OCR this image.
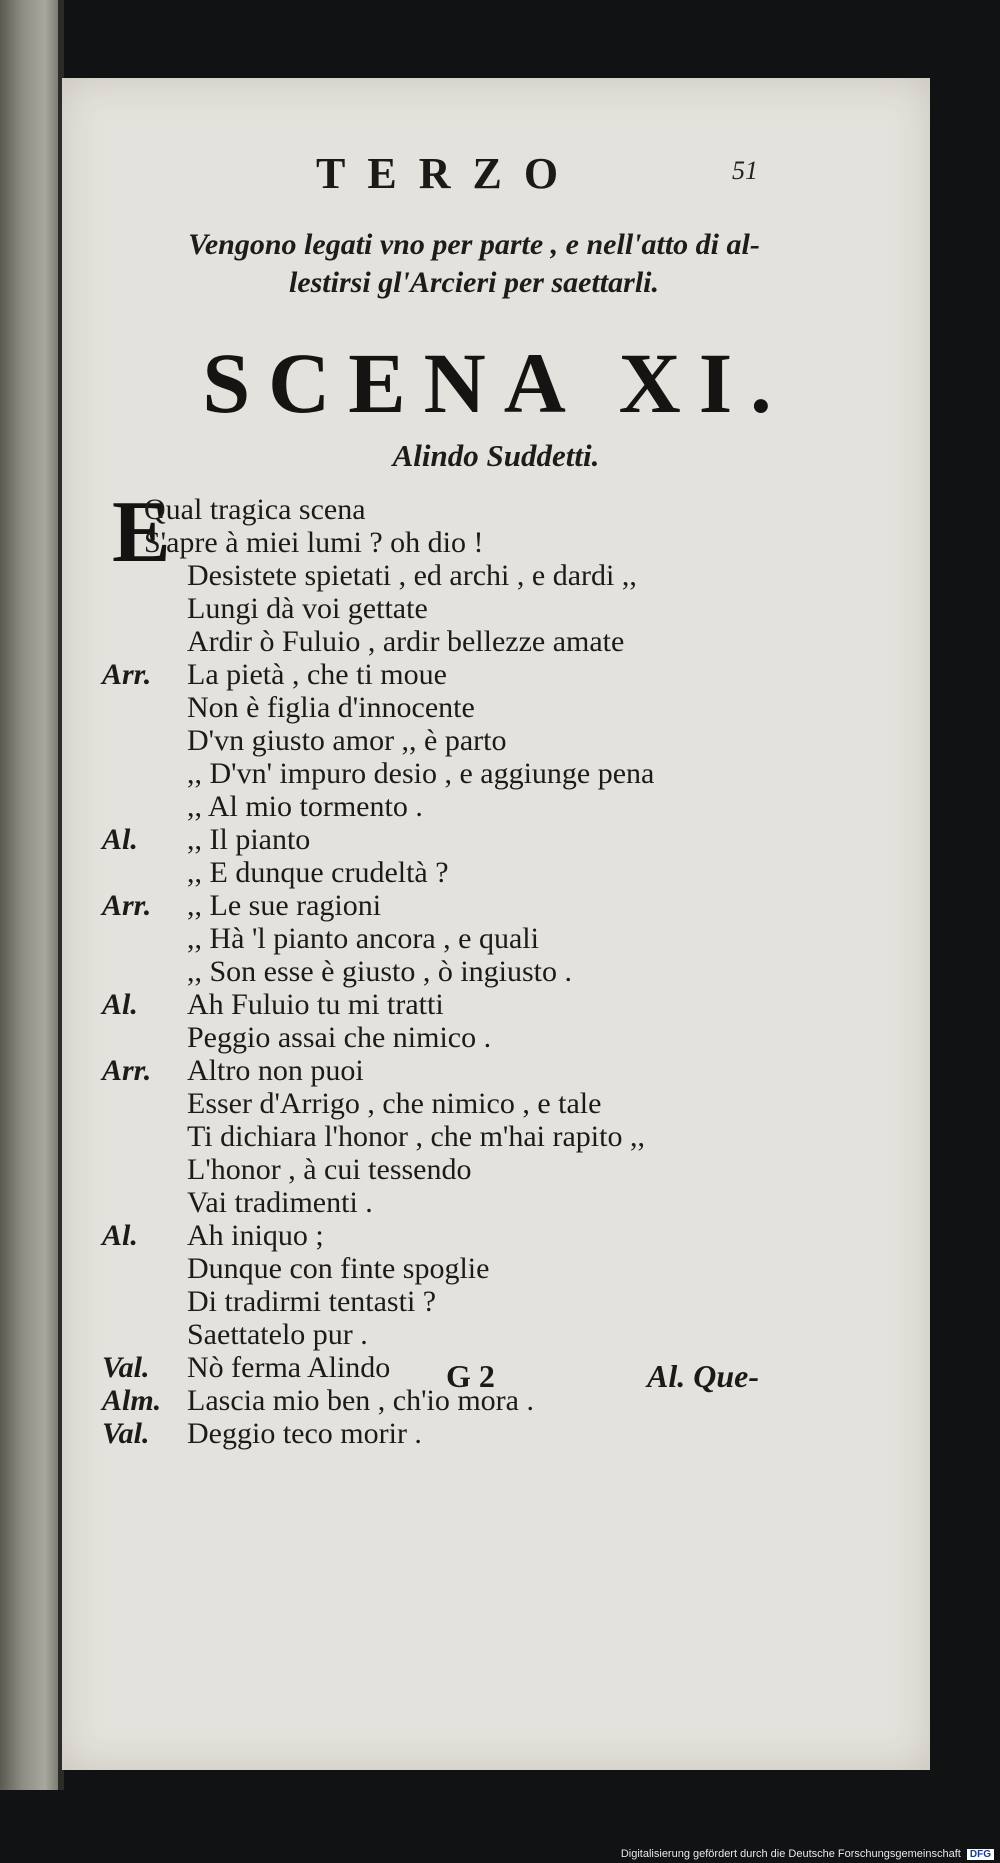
TERZO	51
Vengono legati vno per parte , e nell'atto di al-
lestirsi gl'Arcieri per saettarli.
SCENA XI.
Alindo Suddetti.
E
Qual tragica scena
S'apre à miei lumi ? oh dio !
Desistete spietati , ed archi , e dardi ,,
Lungi dà voi gettate
Ardir ò Fuluio , ardir bellezze amate
Arr. La pietà , che ti moue
Non è figlia d'innocente
D'vn giusto amor ,, è parto
,, D'vn' impuro desio , e aggiunge pena
,, Al mio tormento .
Al. ,, Il pianto
,, E dunque crudeltà ?
Arr. ,, Le sue ragioni
,, Hà 'l pianto ancora , e quali
,, Son esse è giusto , ò ingiusto .
Al. Ah Fuluio tu mi tratti
Peggio assai che nimico .
Arr. Altro non puoi
Esser d'Arrigo , che nimico , e tale
Ti dichiara l'honor , che m'hai rapito ,,
L'honor , à cui tessendo
Vai tradimenti .
Al. Ah iniquo ;
Dunque con finte spoglie
Di tradirmi tentasti ?
Saettatelo pur .
Val. Nò ferma Alindo
Alm. Lascia mio ben , ch'io mora .
Val. Deggio teco morir .
G 2	Al. Que-
Digitalisierung gefördert durch die Deutsche Forschungsgemeinschaft DFG
